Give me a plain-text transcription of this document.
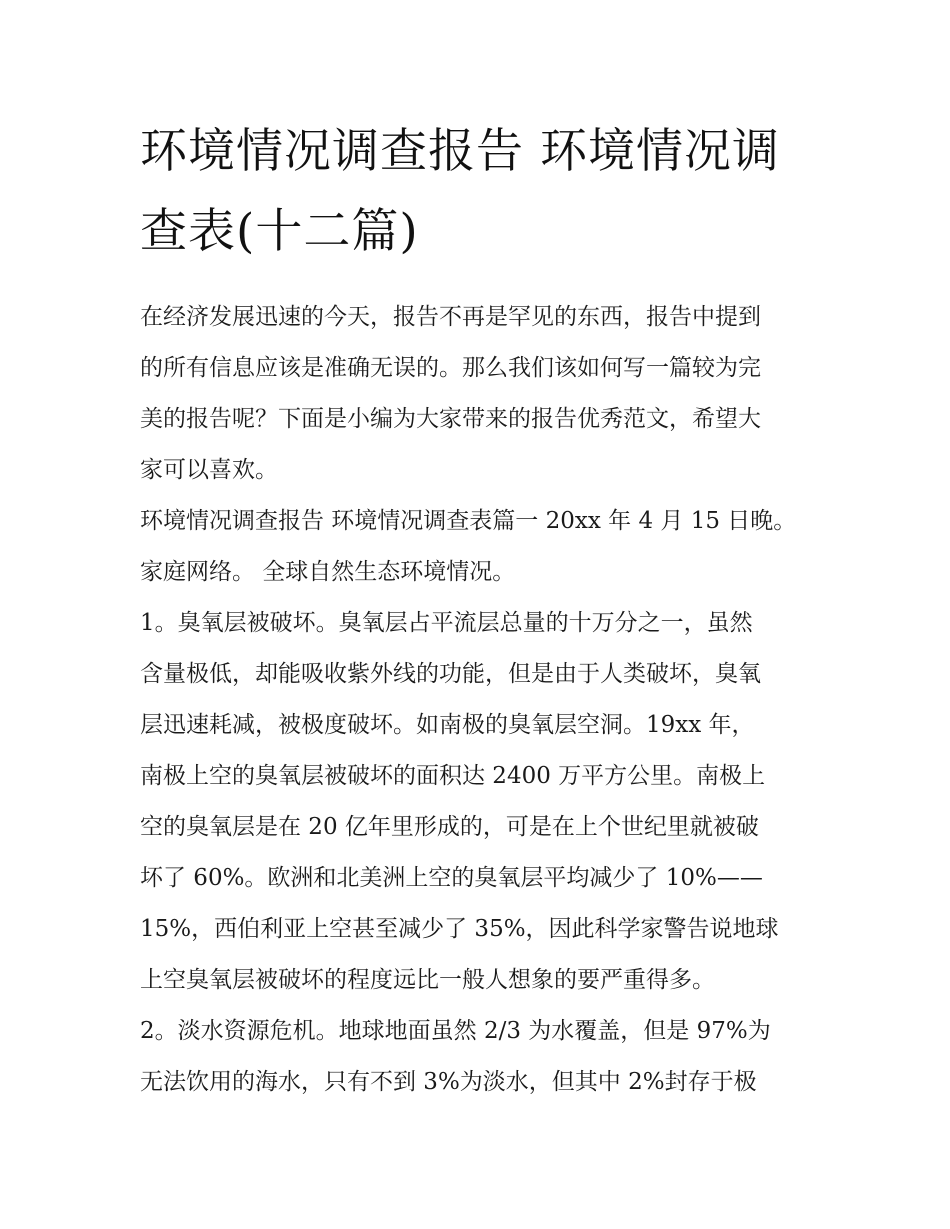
环境情况调查报告 环境情况调
查表(十二篇)

在经济发展迅速的今天，报告不再是罕见的东西，报告中提到
的所有信息应该是准确无误的。那么我们该如何写一篇较为完
美的报告呢？下面是小编为大家带来的报告优秀范文，希望大
家可以喜欢。

环境情况调查报告 环境情况调查表篇一 20xx 年 4 月 15 日晚。
家庭网络。 全球自然生态环境情况。

1。臭氧层被破坏。臭氧层占平流层总量的十万分之一，虽然
含量极低，却能吸收紫外线的功能，但是由于人类破坏，臭氧
层迅速耗减，被极度破坏。如南极的臭氧层空洞。19xx 年，
南极上空的臭氧层被破坏的面积达 2400 万平方公里。南极上
空的臭氧层是在 20 亿年里形成的，可是在上个世纪里就被破
坏了 60%。欧洲和北美洲上空的臭氧层平均减少了 10%——
15%，西伯利亚上空甚至减少了 35%，因此科学家警告说地球
上空臭氧层被破坏的程度远比一般人想象的要严重得多。

2。淡水资源危机。地球地面虽然 2/3 为水覆盖，但是 97%为
无法饮用的海水，只有不到 3%为淡水，但其中 2%封存于极
